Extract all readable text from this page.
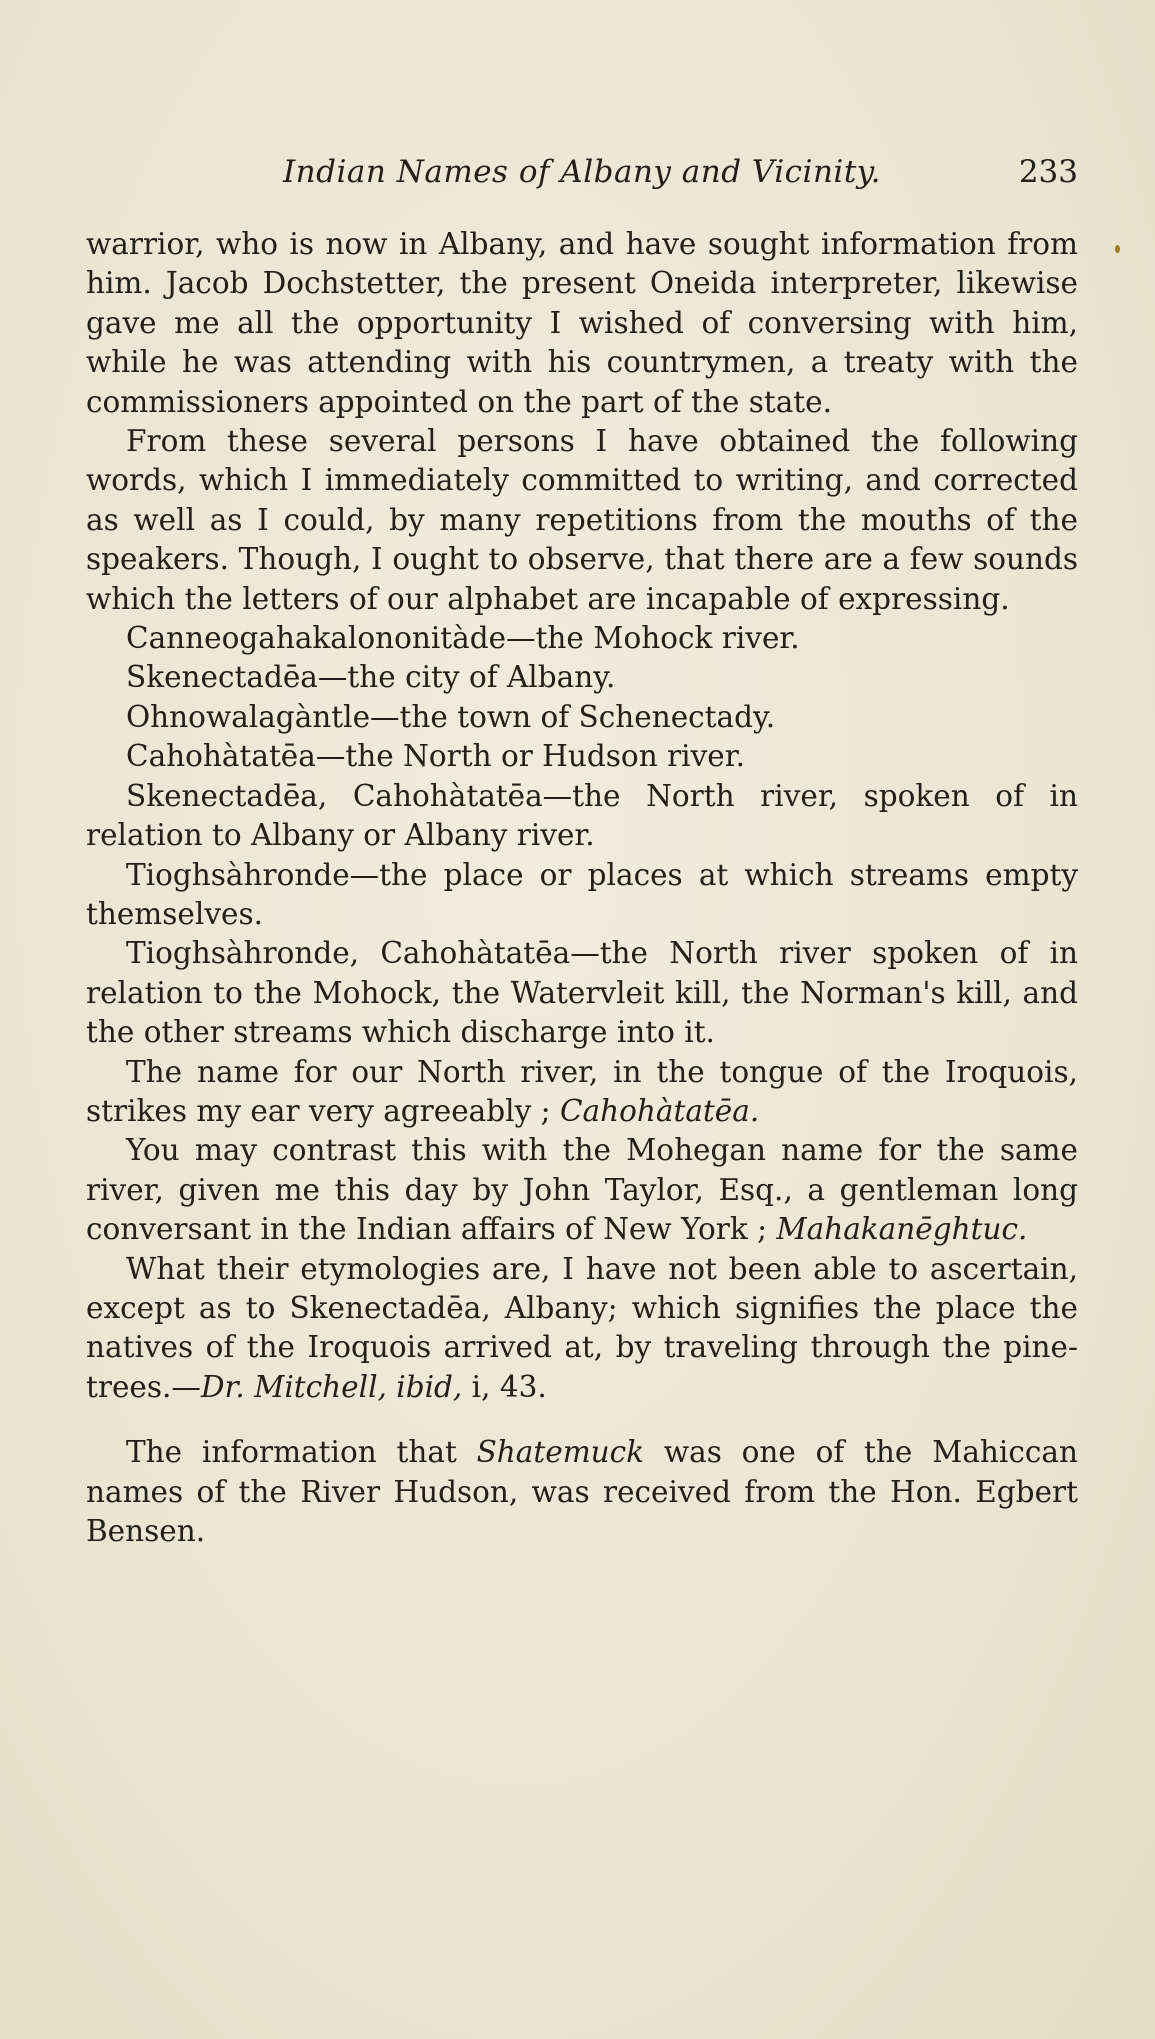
Indian Names of Albany and Vicinity.	233

warrior, who is now in Albany, and have sought information from him. Jacob Dochstetter, the present Oneida interpreter, likewise gave me all the opportunity I wished of conversing with him, while he was attending with his countrymen, a treaty with the commissioners appointed on the part of the state.

From these several persons I have obtained the following words, which I immediately committed to writing, and corrected as well as I could, by many repetitions from the mouths of the speakers. Though, I ought to observe, that there are a few sounds which the letters of our alphabet are incapable of expressing.

Canneogahakalononitàde—the Mohock river.

Skenectadēa—the city of Albany.

Ohnowalagàntle—the town of Schenectady.

Cahohàtatēa—the North or Hudson river.

Skenectadēa, Cahohàtatēa—the North river, spoken of in relation to Albany or Albany river.

Tioghsàhronde—the place or places at which streams empty themselves.

Tioghsàhronde, Cahohàtatēa—the North river spoken of in relation to the Mohock, the Watervleit kill, the Norman's kill, and the other streams which discharge into it.

The name for our North river, in the tongue of the Iroquois, strikes my ear very agreeably ; Cahohàtatēa.

You may contrast this with the Mohegan name for the same river, given me this day by John Taylor, Esq., a gentleman long conversant in the Indian affairs of New York ; Mahakanēghtuc.

What their etymologies are, I have not been able to ascertain, except as to Skenectadēa, Albany; which signifies the place the natives of the Iroquois arrived at, by traveling through the pine-trees.—Dr. Mitchell, ibid, i, 43.

The information that Shatemuck was one of the Mahiccan names of the River Hudson, was received from the Hon. Egbert Bensen.
